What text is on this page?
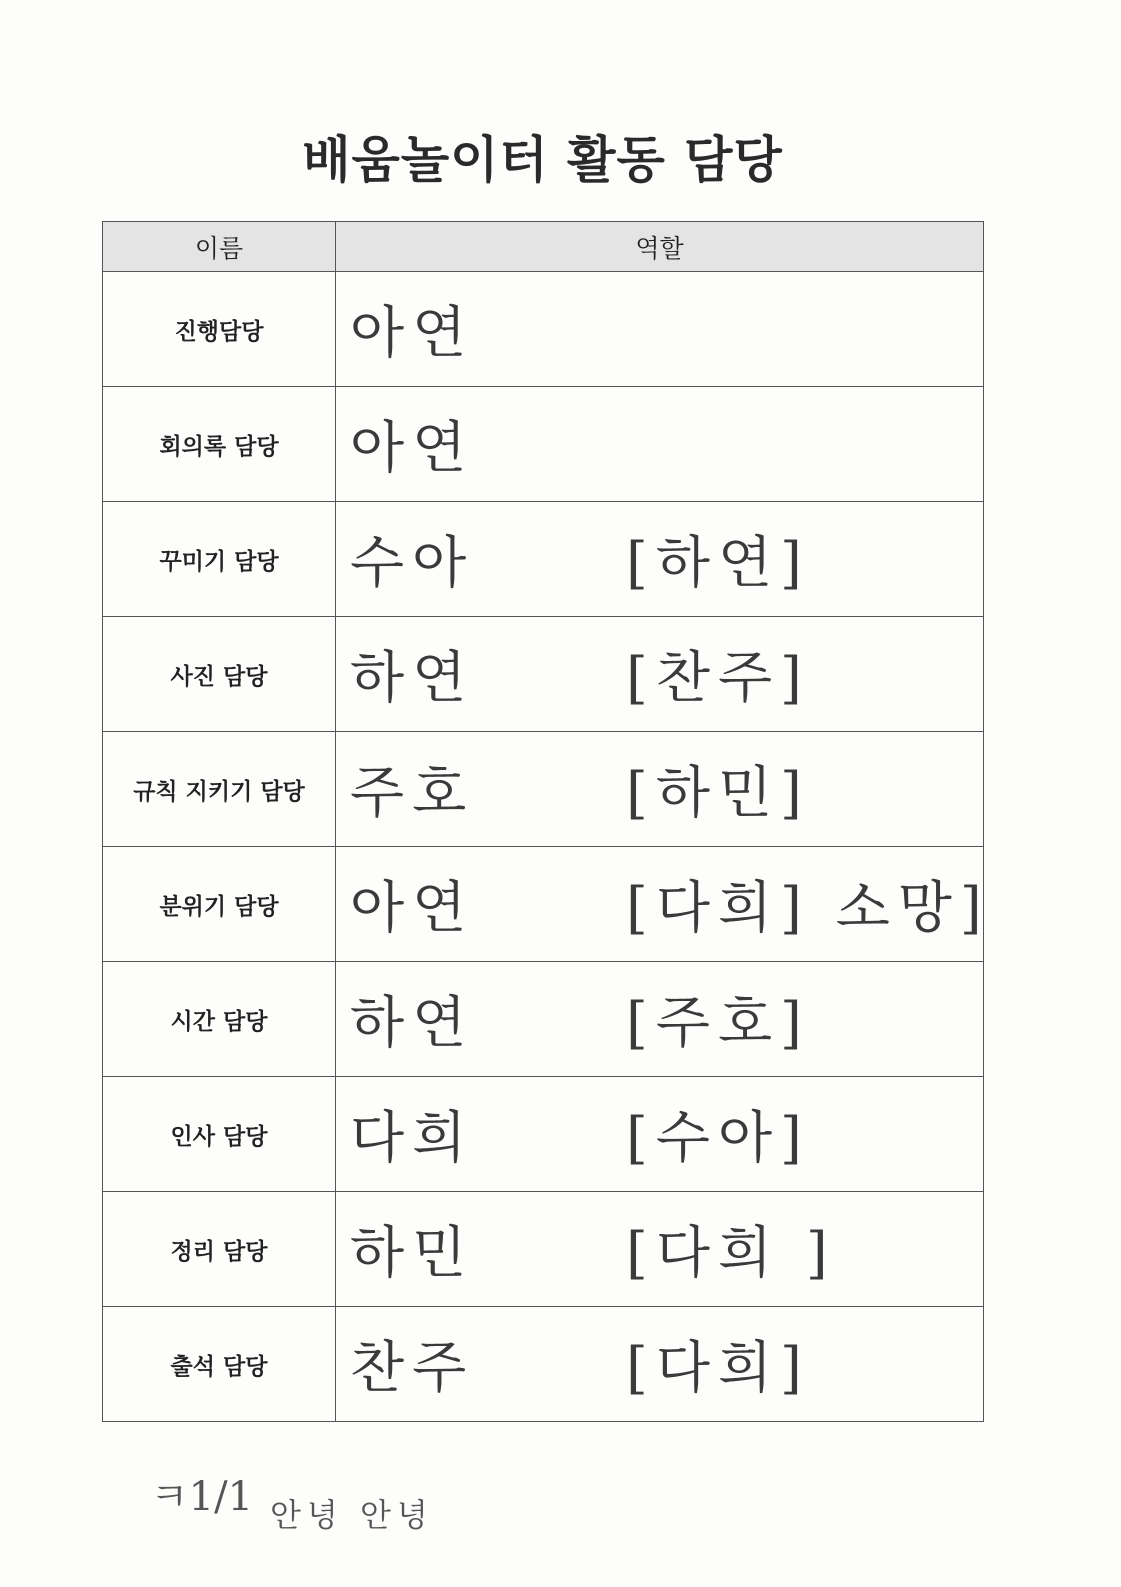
배움놀이터 활동 담당
이름	역할
진행담당	아연

회의록 담당	아연

꾸미기 담당	수아 [하연]

사진 담당	하연 [찬주]

규칙 지키기 담당	주호 [하민]

분위기 담당	아연 [다희] 소망]

시간 담당	하연 [주호]

인사 담당	다희 [수아]

정리 담당	하민 [다희 ]

출석 담당	찬주 [다희]
ㅋ1/1 안녕 안녕
